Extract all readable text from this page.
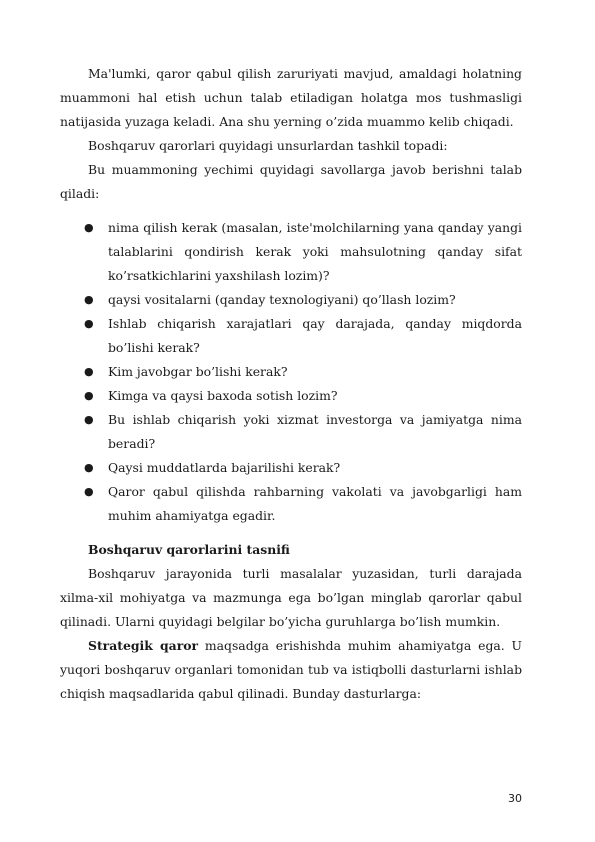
Ma'lumki, qaror qabul qilish zaruriyati mavjud, amaldagi holatning muammoni hal etish uchun talab etiladigan holatga mos tushmasligi natijasida yuzaga keladi. Ana shu yerning o’zida muammo kelib chiqadi.

Boshqaruv qarorlari quyidagi unsurlardan tashkil topadi:

Bu muammoning yechimi quyidagi savollarga javob berishni talab qiladi:

● nima qilish kerak (masalan, iste'molchilarning yana qanday yangi talablarini qondirish kerak yoki mahsulotning qanday sifat ko’rsatkichlarini yaxshilash lozim)?
● qaysi vositalarni (qanday texnologiyani) qo’llash lozim?
● Ishlab chiqarish xarajatlari qay darajada, qanday miqdorda bo’lishi kerak?
● Kim javobgar bo’lishi kerak?
● Kimga va qaysi baxoda sotish lozim?
● Bu ishlab chiqarish yoki xizmat investorga va jamiyatga nima beradi?
● Qaysi muddatlarda bajarilishi kerak?
● Qaror qabul qilishda rahbarning vakolati va javobgarligi ham muhim ahamiyatga egadir.

Boshqaruv qarorlarini tasnifi

Boshqaruv jarayonida turli masalalar yuzasidan, turli darajada xilma-xil mohiyatga va mazmunga ega bo’lgan minglab qarorlar qabul qilinadi. Ularni quyidagi belgilar bo’yicha guruhlarga bo’lish mumkin.

Strategik qaror maqsadga erishishda muhim ahamiyatga ega. U yuqori boshqaruv organlari tomonidan tub va istiqbolli dasturlarni ishlab chiqish maqsadlarida qabul qilinadi. Bunday dasturlarga:

30
